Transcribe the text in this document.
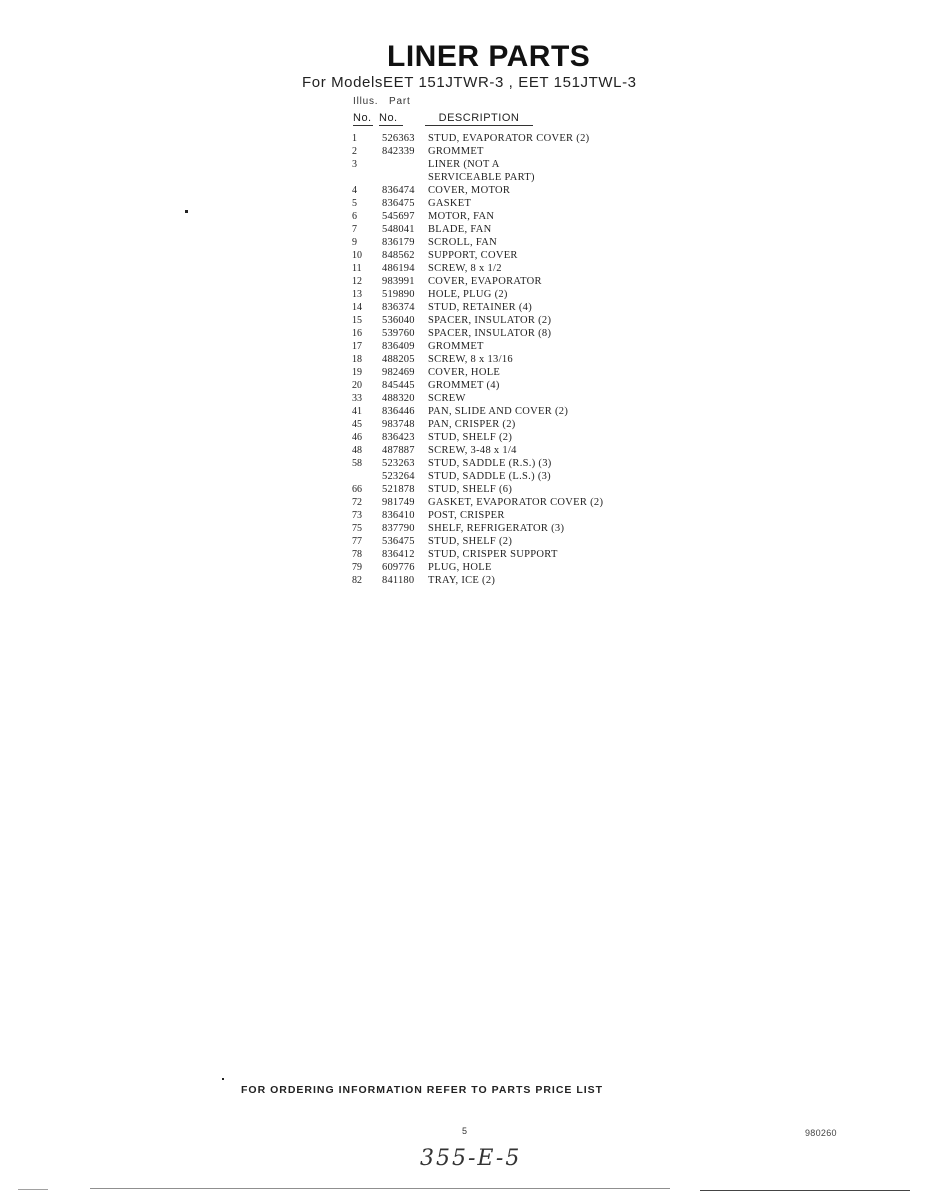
LINER PARTS
For ModelsEET 151JTWR-3 , EET 151JTWL-3
Illus. Part
No. No.	DESCRIPTION
1	526363	STUD, EVAPORATOR COVER (2)
2	842339	GROMMET
3		LINER (NOT A
		SERVICEABLE PART)
4	836474	COVER, MOTOR
5	836475	GASKET
6	545697	MOTOR, FAN
7	548041	BLADE, FAN
9	836179	SCROLL, FAN
10	848562	SUPPORT, COVER
11	486194	SCREW, 8 x 1/2
12	983991	COVER, EVAPORATOR
13	519890	HOLE, PLUG (2)
14	836374	STUD, RETAINER (4)
15	536040	SPACER, INSULATOR (2)
16	539760	SPACER, INSULATOR (8)
17	836409	GROMMET
18	488205	SCREW, 8 x 13/16
19	982469	COVER, HOLE
20	845445	GROMMET (4)
33	488320	SCREW
41	836446	PAN, SLIDE AND COVER (2)
45	983748	PAN, CRISPER (2)
46	836423	STUD, SHELF (2)
48	487887	SCREW, 3-48 x 1/4
58	523263	STUD, SADDLE (R.S.) (3)
	523264	STUD, SADDLE (L.S.) (3)
66	521878	STUD, SHELF (6)
72	981749	GASKET, EVAPORATOR COVER (2)
73	836410	POST, CRISPER
75	837790	SHELF, REFRIGERATOR (3)
77	536475	STUD, SHELF (2)
78	836412	STUD, CRISPER SUPPORT
79	609776	PLUG, HOLE
82	841180	TRAY, ICE (2)
FOR ORDERING INFORMATION REFER TO PARTS PRICE LIST
5	980260
355-E-5
